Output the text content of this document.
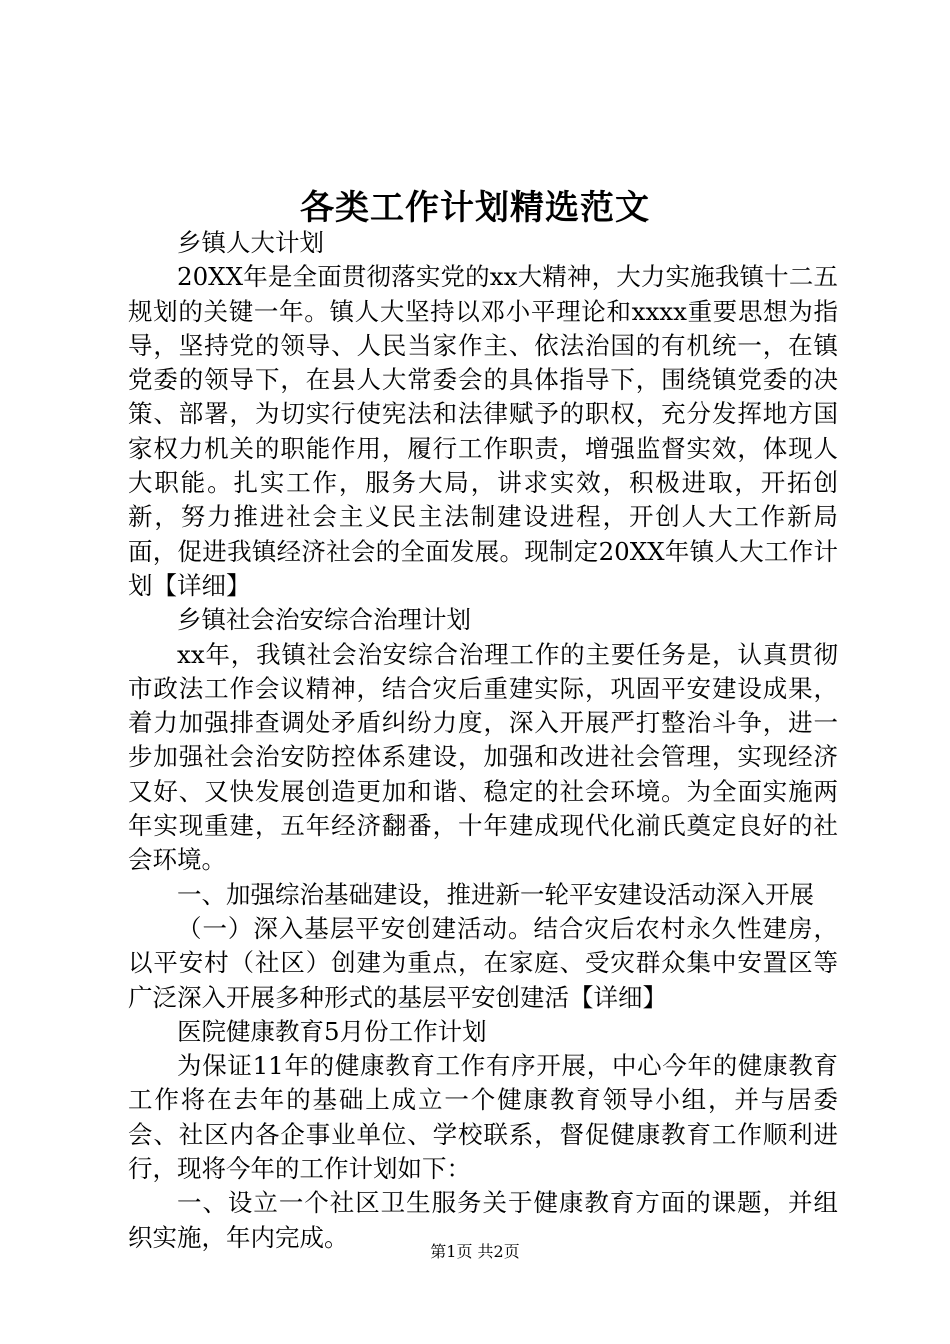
各类工作计划精选范文

乡镇人大计划

20XX年是全面贯彻落实党的xx大精神，大力实施我镇十二五规划的关键一年。镇人大坚持以邓小平理论和xxxx重要思想为指导，坚持党的领导、人民当家作主、依法治国的有机统一，在镇党委的领导下，在县人大常委会的具体指导下，围绕镇党委的决策、部署，为切实行使宪法和法律赋予的职权，充分发挥地方国家权力机关的职能作用，履行工作职责，增强监督实效，体现人大职能。扎实工作，服务大局，讲求实效，积极进取，开拓创新，努力推进社会主义民主法制建设进程，开创人大工作新局面，促进我镇经济社会的全面发展。现制定20XX年镇人大工作计划【详细】

乡镇社会治安综合治理计划

xx年，我镇社会治安综合治理工作的主要任务是，认真贯彻市政法工作会议精神，结合灾后重建实际，巩固平安建设成果，着力加强排查调处矛盾纠纷力度，深入开展严打整治斗争，进一步加强社会治安防控体系建设，加强和改进社会管理，实现经济又好、又快发展创造更加和谐、稳定的社会环境。为全面实施两年实现重建，五年经济翻番，十年建成现代化湔氏奠定良好的社会环境。

一、加强综治基础建设，推进新一轮平安建设活动深入开展

（一）深入基层平安创建活动。结合灾后农村永久性建房，以平安村（社区）创建为重点，在家庭、受灾群众集中安置区等广泛深入开展多种形式的基层平安创建活【详细】

医院健康教育5月份工作计划

为保证11年的健康教育工作有序开展，中心今年的健康教育工作将在去年的基础上成立一个健康教育领导小组，并与居委会、社区内各企事业单位、学校联系，督促健康教育工作顺利进行，现将今年的工作计划如下：

一、设立一个社区卫生服务关于健康教育方面的课题，并组织实施，年内完成。	第1页 共2页
